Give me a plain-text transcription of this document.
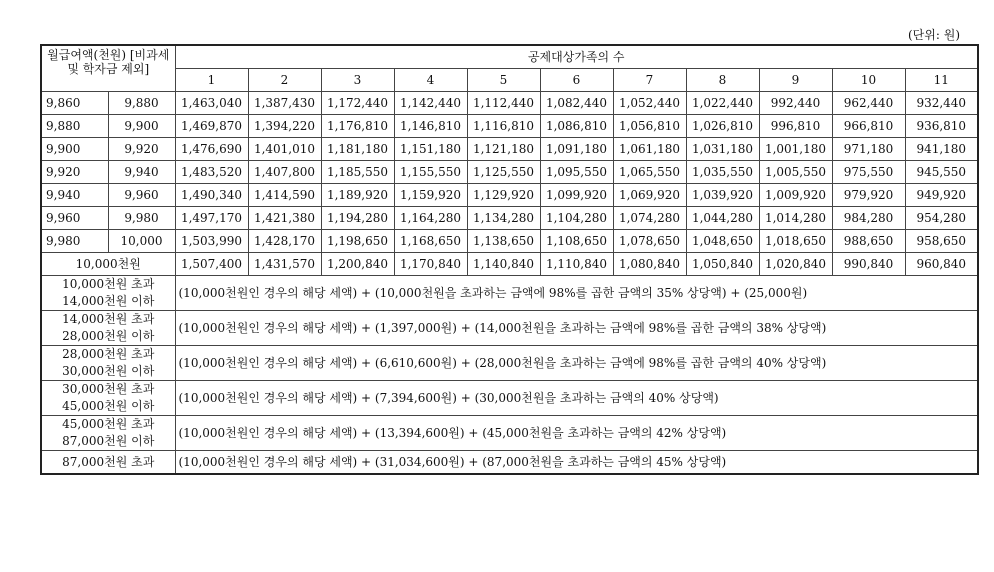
(단위: 원)
월급여액(천원) [비과세 및 학자금 제외]		공제대상가족의 수										
		1	2	3	4	5	6	7	8	9	10	11
9,860	9,880	1,463,040	1,387,430	1,172,440	1,142,440	1,112,440	1,082,440	1,052,440	1,022,440	992,440	962,440	932,440
9,880	9,900	1,469,870	1,394,220	1,176,810	1,146,810	1,116,810	1,086,810	1,056,810	1,026,810	996,810	966,810	936,810
9,900	9,920	1,476,690	1,401,010	1,181,180	1,151,180	1,121,180	1,091,180	1,061,180	1,031,180	1,001,180	971,180	941,180
9,920	9,940	1,483,520	1,407,800	1,185,550	1,155,550	1,125,550	1,095,550	1,065,550	1,035,550	1,005,550	975,550	945,550
9,940	9,960	1,490,340	1,414,590	1,189,920	1,159,920	1,129,920	1,099,920	1,069,920	1,039,920	1,009,920	979,920	949,920
9,960	9,980	1,497,170	1,421,380	1,194,280	1,164,280	1,134,280	1,104,280	1,074,280	1,044,280	1,014,280	984,280	954,280
9,980	10,000	1,503,990	1,428,170	1,198,650	1,168,650	1,138,650	1,108,650	1,078,650	1,048,650	1,018,650	988,650	958,650
10,000천원		1,507,400	1,431,570	1,200,840	1,170,840	1,140,840	1,110,840	1,080,840	1,050,840	1,020,840	990,840	960,840
10,000천원 초과 14,000천원 이하		(10,000천원인 경우의 해당 세액) + (10,000천원을 초과하는 금액에 98%를 곱한 금액의 35% 상당액) + (25,000원)										
14,000천원 초과 28,000천원 이하		(10,000천원인 경우의 해당 세액) + (1,397,000원) + (14,000천원을 초과하는 금액에 98%를 곱한 금액의 38% 상당액)										
28,000천원 초과 30,000천원 이하		(10,000천원인 경우의 해당 세액) + (6,610,600원) + (28,000천원을 초과하는 금액에 98%를 곱한 금액의 40% 상당액)										
30,000천원 초과 45,000천원 이하		(10,000천원인 경우의 해당 세액) + (7,394,600원) + (30,000천원을 초과하는 금액의 40% 상당액)										
45,000천원 초과 87,000천원 이하		(10,000천원인 경우의 해당 세액) + (13,394,600원) + (45,000천원을 초과하는 금액의 42% 상당액)										
87,000천원 초과		(10,000천원인 경우의 해당 세액) + (31,034,600원) + (87,000천원을 초과하는 금액의 45% 상당액)										
